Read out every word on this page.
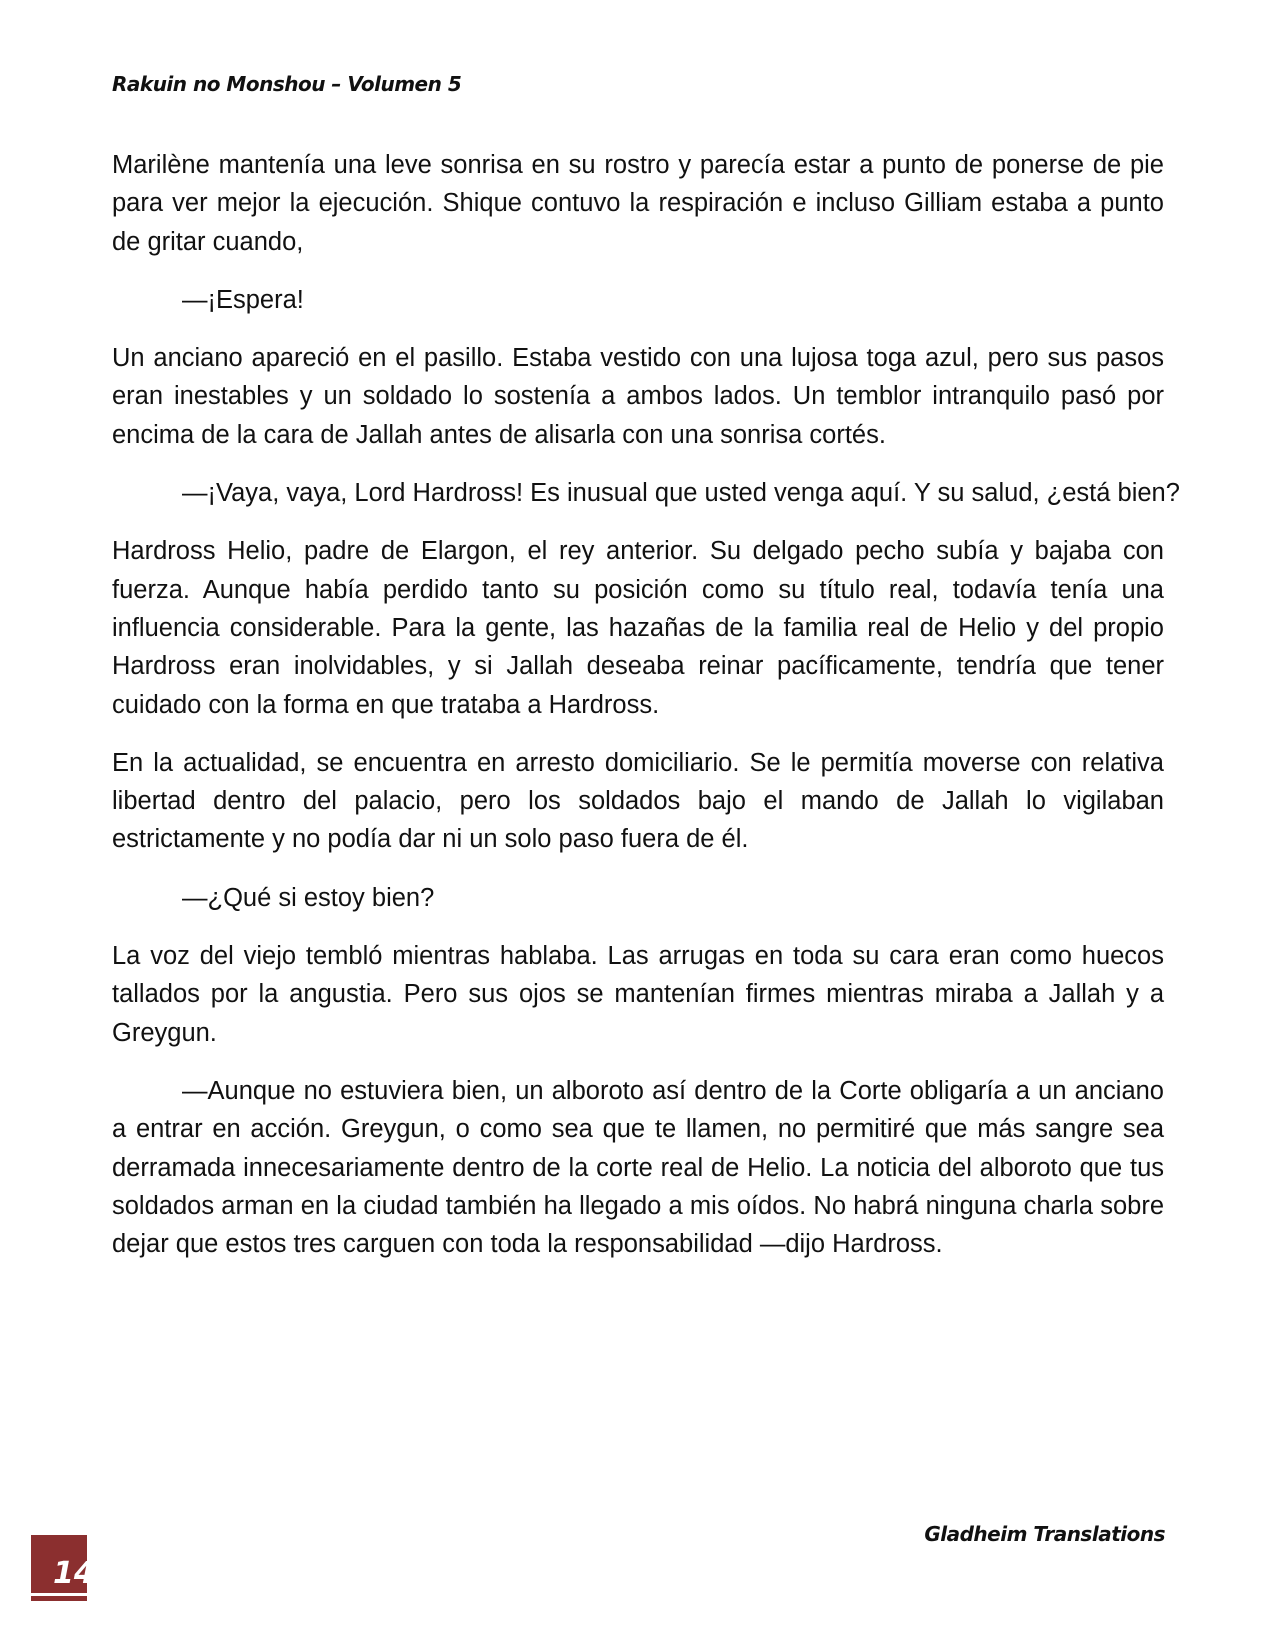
Rakuin no Monshou – Volumen 5

Marilène mantenía una leve sonrisa en su rostro y parecía estar a punto de ponerse de pie para ver mejor la ejecución. Shique contuvo la respiración e incluso Gilliam estaba a punto de gritar cuando,

—¡Espera!

Un anciano apareció en el pasillo. Estaba vestido con una lujosa toga azul, pero sus pasos eran inestables y un soldado lo sostenía a ambos lados. Un temblor intranquilo pasó por encima de la cara de Jallah antes de alisarla con una sonrisa cortés.

—¡Vaya, vaya, Lord Hardross! Es inusual que usted venga aquí. Y su salud, ¿está bien?

Hardross Helio, padre de Elargon, el rey anterior. Su delgado pecho subía y bajaba con fuerza. Aunque había perdido tanto su posición como su título real, todavía tenía una influencia considerable. Para la gente, las hazañas de la familia real de Helio y del propio Hardross eran inolvidables, y si Jallah deseaba reinar pacíficamente, tendría que tener cuidado con la forma en que trataba a Hardross.

En la actualidad, se encuentra en arresto domiciliario. Se le permitía moverse con relativa libertad dentro del palacio, pero los soldados bajo el mando de Jallah lo vigilaban estrictamente y no podía dar ni un solo paso fuera de él.

—¿Qué si estoy bien?

La voz del viejo tembló mientras hablaba. Las arrugas en toda su cara eran como huecos tallados por la angustia. Pero sus ojos se mantenían firmes mientras miraba a Jallah y a Greygun.

—Aunque no estuviera bien, un alboroto así dentro de la Corte obligaría a un anciano a entrar en acción. Greygun, o como sea que te llamen, no permitiré que más sangre sea derramada innecesariamente dentro de la corte real de Helio. La noticia del alboroto que tus soldados arman en la ciudad también ha llegado a mis oídos. No habrá ninguna charla sobre dejar que estos tres carguen con toda la responsabilidad —dijo Hardross.

Gladheim Translations
14
